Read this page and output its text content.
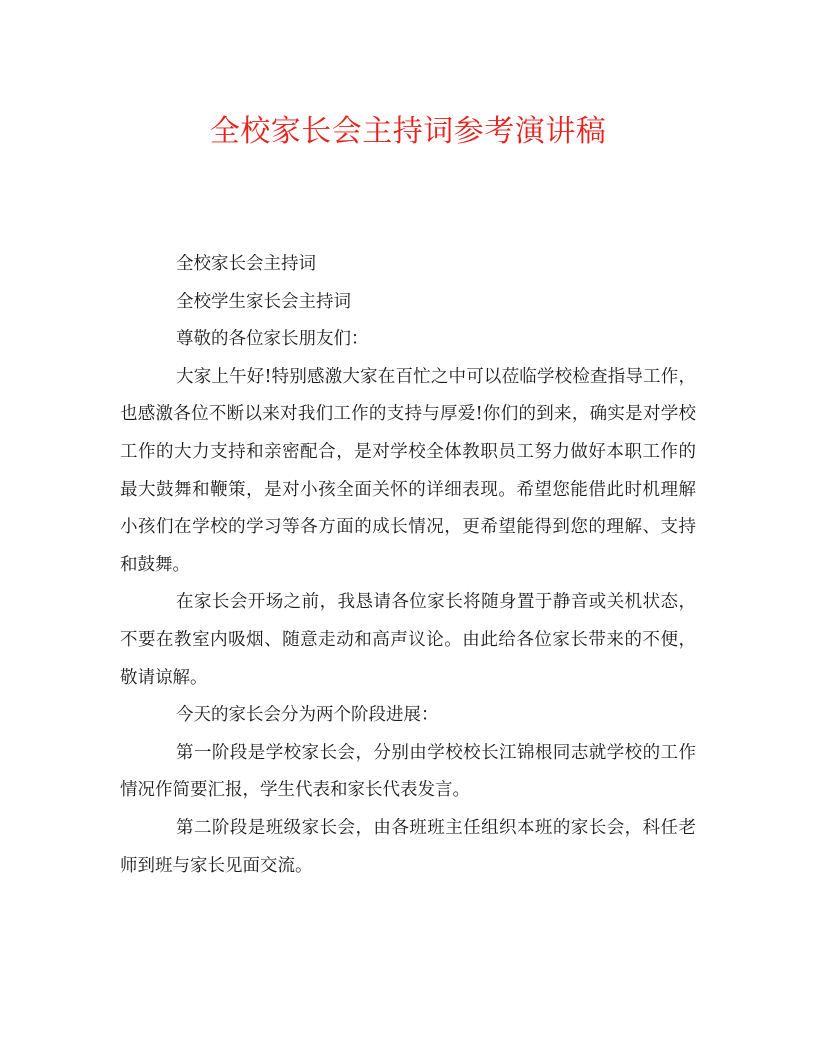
全校家长会主持词参考演讲稿

全校家长会主持词

全校学生家长会主持词

尊敬的各位家长朋友们：

大家上午好!特别感激大家在百忙之中可以莅临学校检查指导工作，也感激各位不断以来对我们工作的支持与厚爱!你们的到来，确实是对学校工作的大力支持和亲密配合，是对学校全体教职员工努力做好本职工作的最大鼓舞和鞭策，是对小孩全面关怀的详细表现。希望您能借此时机理解小孩们在学校的学习等各方面的成长情况，更希望能得到您的理解、支持和鼓舞。

在家长会开场之前，我恳请各位家长将随身置于静音或关机状态，不要在教室内吸烟、随意走动和高声议论。由此给各位家长带来的不便，敬请谅解。

今天的家长会分为两个阶段进展：

第一阶段是学校家长会，分别由学校校长江锦根同志就学校的工作情况作简要汇报，学生代表和家长代表发言。

第二阶段是班级家长会，由各班班主任组织本班的家长会，科任老师到班与家长见面交流。
